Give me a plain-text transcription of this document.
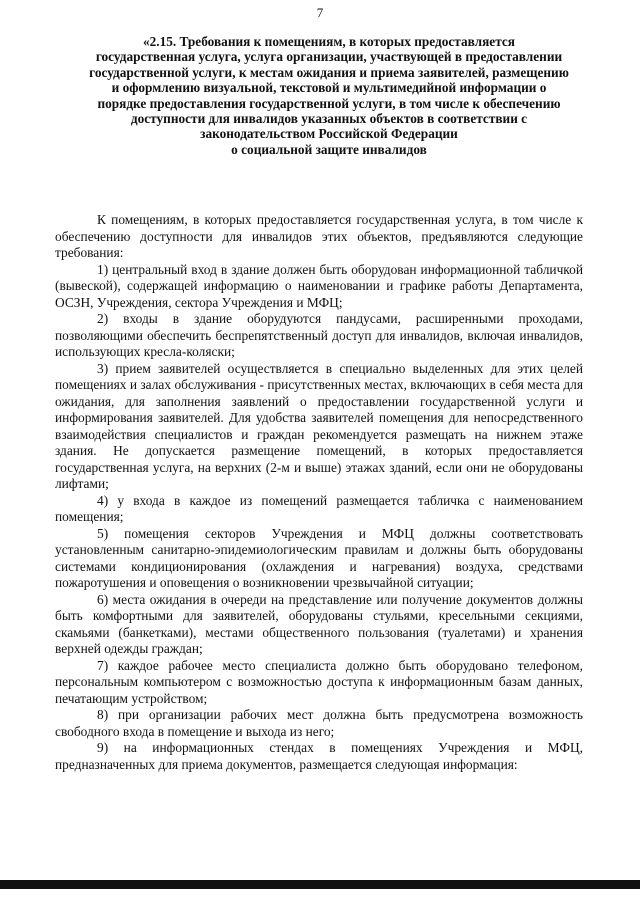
7
«2.15. Требования к помещениям, в которых предоставляется
государственная услуга, услуга организации, участвующей в предоставлении
государственной услуги, к местам ожидания и приема заявителей, размещению
и оформлению визуальной, текстовой и мультимедийной информации о
порядке предоставления государственной услуги, в том числе к обеспечению
доступности для инвалидов указанных объектов в соответствии с
законодательством Российской Федерации
о социальной защите инвалидов

К помещениям, в которых предоставляется государственная услуга, в том числе к обеспечению доступности для инвалидов этих объектов, предъявляются следующие требования:

1) центральный вход в здание должен быть оборудован информационной табличкой (вывеской), содержащей информацию о наименовании и графике работы Департамента, ОСЗН, Учреждения, сектора Учреждения и МФЦ;

2) входы в здание оборудуются пандусами, расширенными проходами, позволяющими обеспечить беспрепятственный доступ для инвалидов, включая инвалидов, использующих кресла-коляски;

3) прием заявителей осуществляется в специально выделенных для этих целей помещениях и залах обслуживания - присутственных местах, включающих в себя места для ожидания, для заполнения заявлений о предоставлении государственной услуги и информирования заявителей. Для удобства заявителей помещения для непосредственного взаимодействия специалистов и граждан рекомендуется размещать на нижнем этаже здания. Не допускается размещение помещений, в которых предоставляется государственная услуга, на верхних (2-м и выше) этажах зданий, если они не оборудованы лифтами;

4) у входа в каждое из помещений размещается табличка с наименованием помещения;

5) помещения секторов Учреждения и МФЦ должны соответствовать установленным санитарно-эпидемиологическим правилам и должны быть оборудованы системами кондиционирования (охлаждения и нагревания) воздуха, средствами пожаротушения и оповещения о возникновении чрезвычайной ситуации;

6) места ожидания в очереди на представление или получение документов должны быть комфортными для заявителей, оборудованы стульями, кресельными секциями, скамьями (банкетками), местами общественного пользования (туалетами) и хранения верхней одежды граждан;

7) каждое рабочее место специалиста должно быть оборудовано телефоном, персональным компьютером с возможностью доступа к информационным базам данных, печатающим устройством;

8) при организации рабочих мест должна быть предусмотрена возможность свободного входа в помещение и выхода из него;

9) на информационных стендах в помещениях Учреждения и МФЦ, предназначенных для приема документов, размещается следующая информация:
